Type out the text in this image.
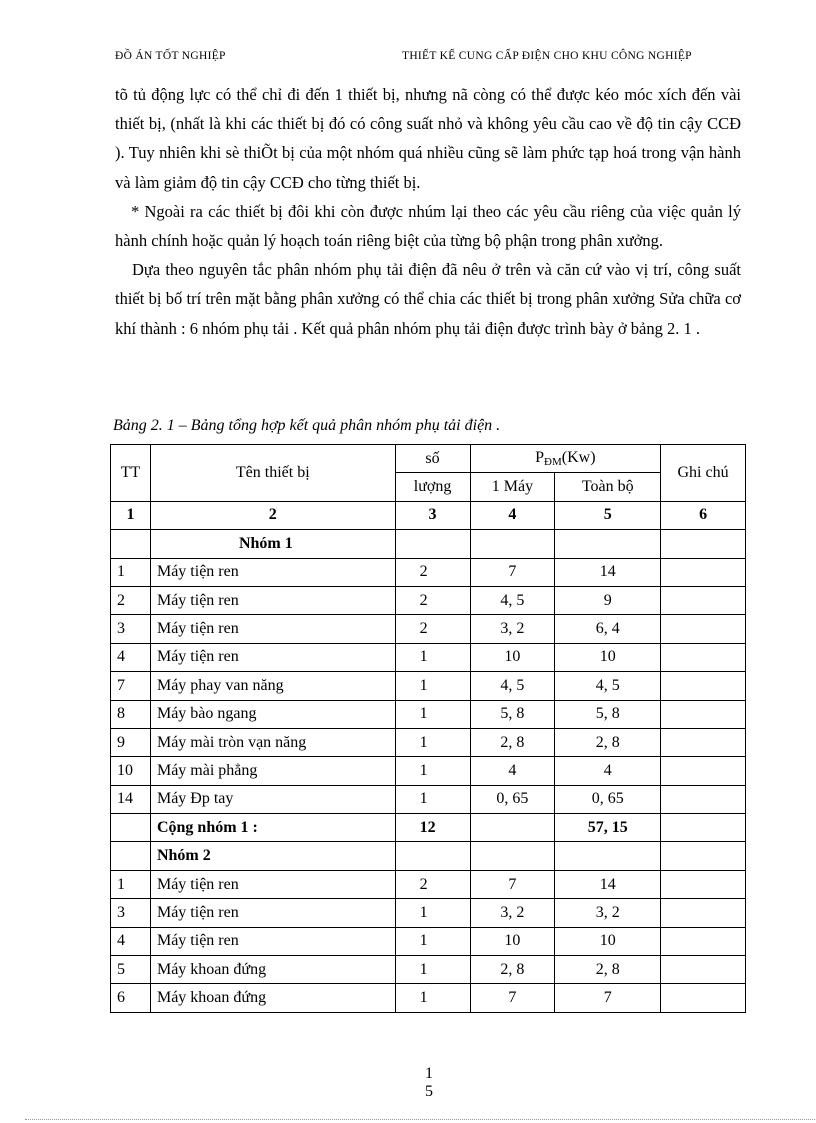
ĐỒ ÁN TỐT NGHIỆP	THIẾT KẾ CUNG CẤP ĐIỆN CHO KHU CÔNG NGHIỆP

tõ tủ động lực có thể chỉ đi đến 1 thiết bị, nhưng nã còng có thể được kéo móc xích đến vài thiết bị, (nhất là khi các thiết bị đó có công suất nhỏ và không yêu cầu cao về độ tin cậy CCĐ ). Tuy nhiên khi sè thiÕt bị của một nhóm quá nhiều cũng sẽ làm phức tạp hoá trong vận hành và làm giảm độ tin cậy CCĐ cho từng thiết bị.

* Ngoài ra các thiết bị đôi khi còn được nhúm lại theo các yêu cầu riêng của việc quản lý hành chính hoặc quản lý hoạch toán riêng biệt của từng bộ phận trong phân xưởng.

Dựa theo nguyên tắc phân nhóm phụ tải điện đã nêu ở trên và căn cứ vào vị trí, công suất thiết bị bố trí trên mặt bằng phân xưởng có thể chia các thiết bị trong phân xưởng Sửa chữa cơ khí thành : 6 nhóm phụ tải . Kết quả phân nhóm phụ tải điện được trình bày ở bảng 2. 1 .

Bảng 2. 1 – Bảng tổng hợp kết quả phân nhóm phụ tải điện .
TT	Tên thiết bị	số	$P_{ĐM}(Kw)$		Ghi chú
		lượng	1 Máy	Toàn bộ	
1	2	3	4	5	6
	Nhóm 1				
1	Máy tiện ren	2	7	14	
2	Máy tiện ren	2	4, 5	9	
3	Máy tiện ren	2	3, 2	6, 4	
4	Máy tiện ren	1	10	10	
7	Máy phay van năng	1	4, 5	4, 5	
8	Máy bào ngang	1	5, 8	5, 8	
9	Máy mài tròn vạn năng	1	2, 8	2, 8	
10	Máy mài phẳng	1	4	4	
14	Máy Đp tay	1	0, 65	0, 65	
	Cộng nhóm 1 :	12		57, 15	
	Nhóm 2				
1	Máy tiện ren	2	7	14	
3	Máy tiện ren	1	3, 2	3, 2	
4	Máy tiện ren	1	10	10	
5	Máy khoan đứng	1	2, 8	2, 8	
6	Máy khoan đứng	1	7	7	
1
5
